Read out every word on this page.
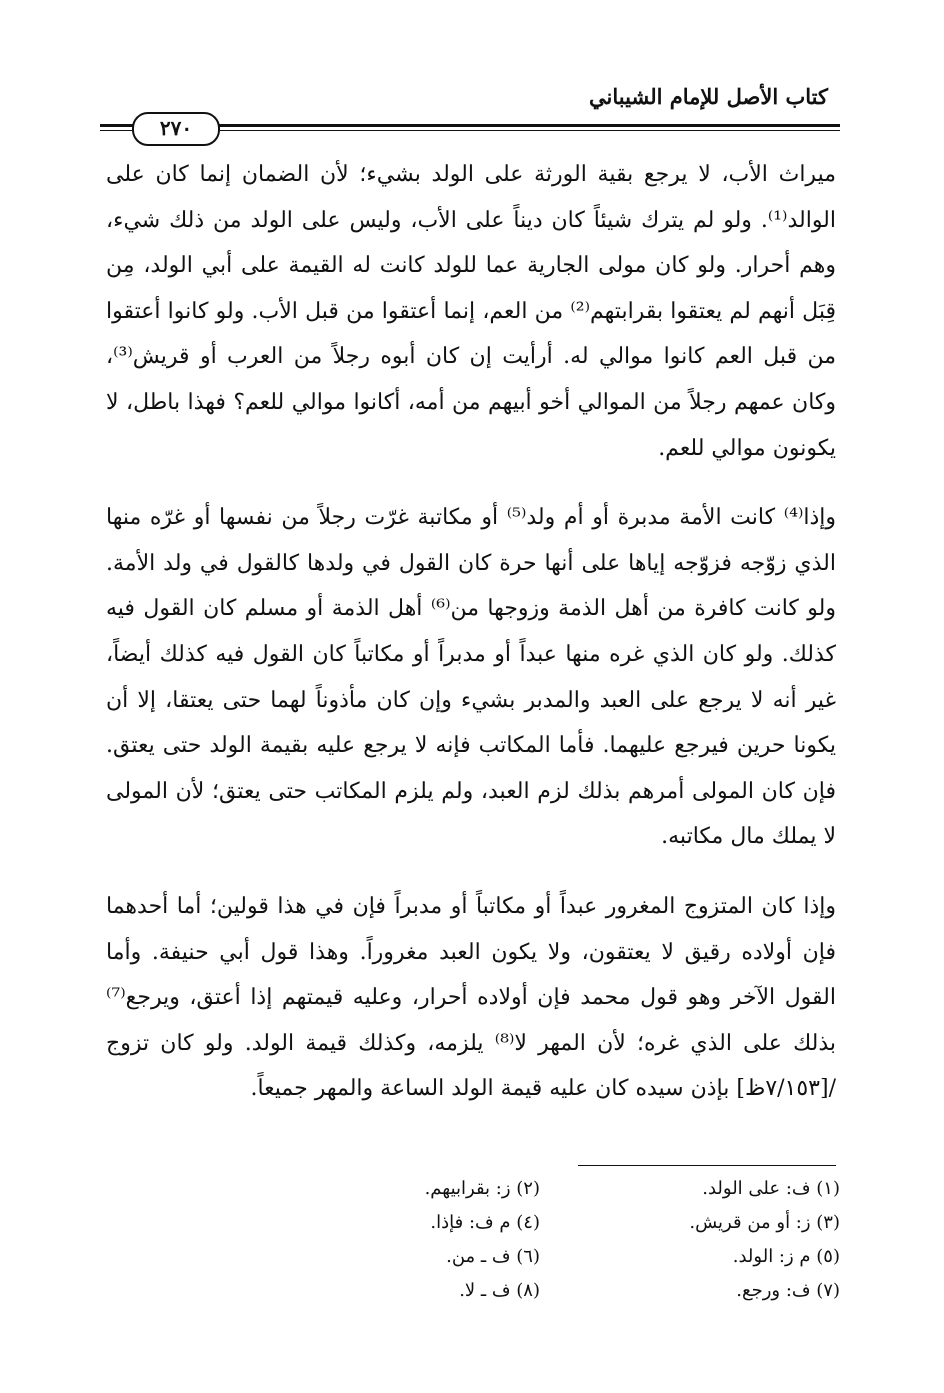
كتاب الأصل للإمام الشيباني
٢٧٠

ميراث الأب، لا يرجع بقية الورثة على الولد بشيء؛ لأن الضمان إنما كان على الوالد⁽¹⁾. ولو لم يترك شيئاً كان ديناً على الأب، وليس على الولد من ذلك شيء، وهم أحرار. ولو كان مولى الجارية عما للولد كانت له القيمة على أبي الولد، مِن قِبَل أنهم لم يعتقوا بقرابتهم⁽²⁾ من العم، إنما أعتقوا من قبل الأب. ولو كانوا أعتقوا من قبل العم كانوا موالي له. أرأيت إن كان أبوه رجلاً من العرب أو قريش⁽³⁾، وكان عمهم رجلاً من الموالي أخو أبيهم من أمه، أكانوا موالي للعم؟ فهذا باطل، لا يكونون موالي للعم.

وإذا⁽⁴⁾ كانت الأمة مدبرة أو أم ولد⁽⁵⁾ أو مكاتبة غرّت رجلاً من نفسها أو غرّه منها الذي زوّجه فزوّجه إياها على أنها حرة كان القول في ولدها كالقول في ولد الأمة. ولو كانت كافرة من أهل الذمة وزوجها من⁽⁶⁾ أهل الذمة أو مسلم كان القول فيه كذلك. ولو كان الذي غره منها عبداً أو مدبراً أو مكاتباً كان القول فيه كذلك أيضاً، غير أنه لا يرجع على العبد والمدبر بشيء وإن كان مأذوناً لهما حتى يعتقا، إلا أن يكونا حرين فيرجع عليهما. فأما المكاتب فإنه لا يرجع عليه بقيمة الولد حتى يعتق. فإن كان المولى أمرهم بذلك لزم العبد، ولم يلزم المكاتب حتى يعتق؛ لأن المولى لا يملك مال مكاتبه.

وإذا كان المتزوج المغرور عبداً أو مكاتباً أو مدبراً فإن في هذا قولين؛ أما أحدهما فإن أولاده رقيق لا يعتقون، ولا يكون العبد مغروراً. وهذا قول أبي حنيفة. وأما القول الآخر وهو قول محمد فإن أولاده أحرار، وعليه قيمتهم إذا أعتق، ويرجع⁽⁷⁾ بذلك على الذي غره؛ لأن المهر لا⁽⁸⁾ يلزمه، وكذلك قيمة الولد. ولو كان تزوج /[٧/١٥٣ظ] بإذن سيده كان عليه قيمة الولد الساعة والمهر جميعاً.

(١) ف: على الولد.
(٢) ز: بقرابيهم.
(٣) ز: أو من قريش.
(٤) م ف: فإذا.
(٥) م ز: الولد.
(٦) ف ـ من.
(٧) ف: ورجع.
(٨) ف ـ لا.
